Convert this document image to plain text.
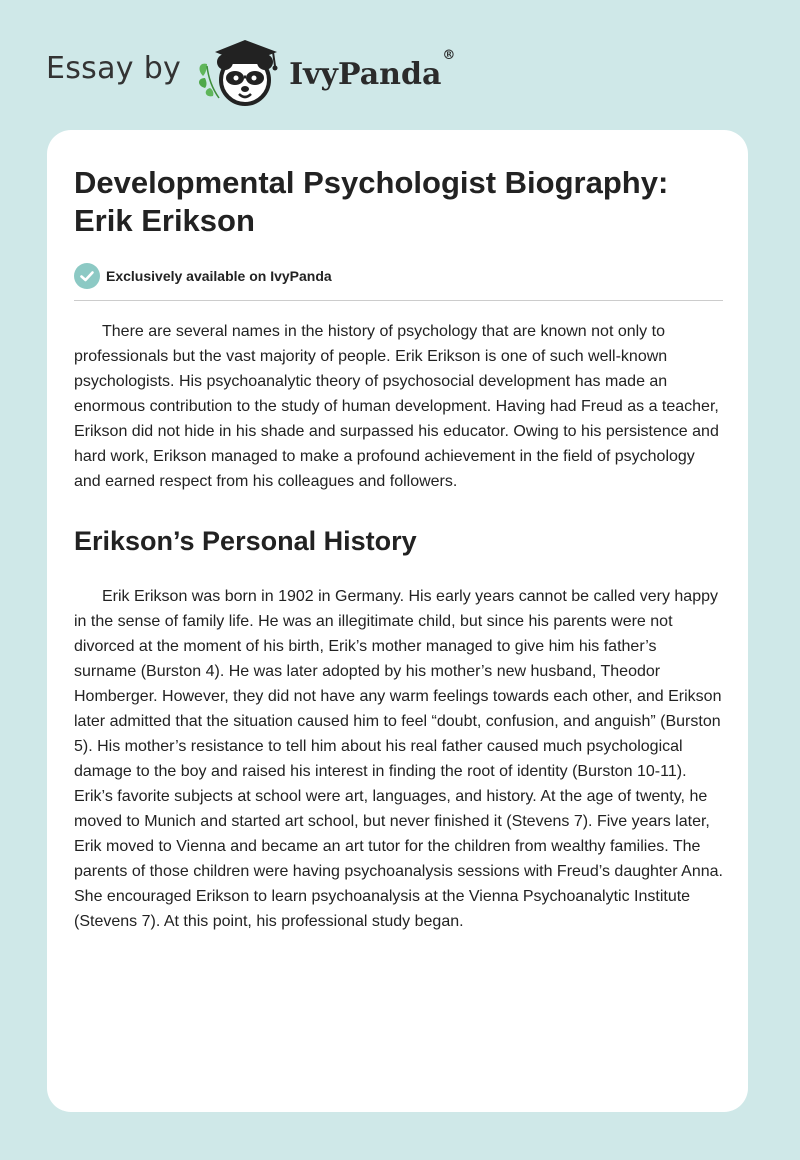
Essay by	IvyPanda®
Developmental Psychologist Biography: Erik Erikson
Exclusively available on IvyPanda

There are several names in the history of psychology that are known not only to professionals but the vast majority of people. Erik Erikson is one of such well-known psychologists. His psychoanalytic theory of psychosocial development has made an enormous contribution to the study of human development. Having had Freud as a teacher, Erikson did not hide in his shade and surpassed his educator. Owing to his persistence and hard work, Erikson managed to make a profound achievement in the field of psychology and earned respect from his colleagues and followers.

Erikson’s Personal History

Erik Erikson was born in 1902 in Germany. His early years cannot be called very happy in the sense of family life. He was an illegitimate child, but since his parents were not divorced at the moment of his birth, Erik’s mother managed to give him his father’s surname (Burston 4). He was later adopted by his mother’s new husband, Theodor Homberger. However, they did not have any warm feelings towards each other, and Erikson later admitted that the situation caused him to feel “doubt, confusion, and anguish” (Burston 5). His mother’s resistance to tell him about his real father caused much psychological damage to the boy and raised his interest in finding the root of identity (Burston 10-11). Erik’s favorite subjects at school were art, languages, and history. At the age of twenty, he moved to Munich and started art school, but never finished it (Stevens 7). Five years later, Erik moved to Vienna and became an art tutor for the children from wealthy families. The parents of those children were having psychoanalysis sessions with Freud’s daughter Anna. She encouraged Erikson to learn psychoanalysis at the Vienna Psychoanalytic Institute (Stevens 7). At this point, his professional study began.
